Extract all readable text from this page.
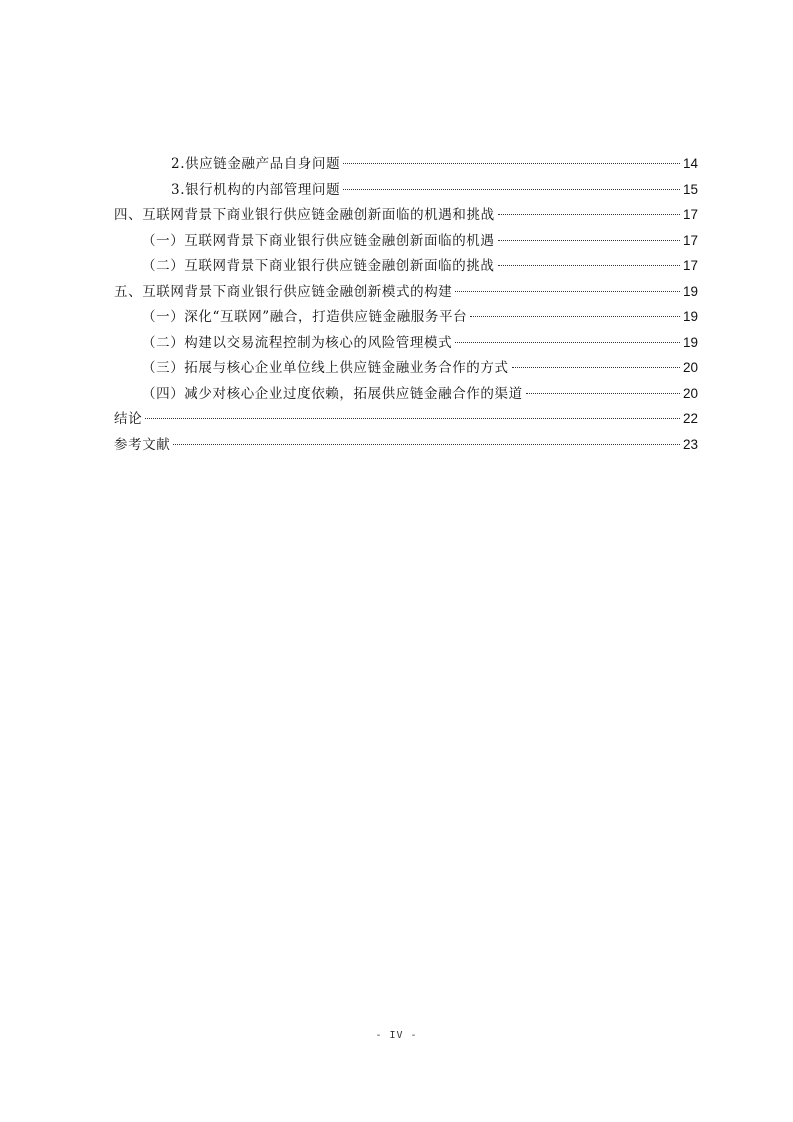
2.供应链金融产品自身问题	14
3.银行机构的内部管理问题	15
四、互联网背景下商业银行供应链金融创新面临的机遇和挑战	17
（一）互联网背景下商业银行供应链金融创新面临的机遇	17
（二）互联网背景下商业银行供应链金融创新面临的挑战	17
五、互联网背景下商业银行供应链金融创新模式的构建	19
（一）深化“互联网”融合，打造供应链金融服务平台	19
（二）构建以交易流程控制为核心的风险管理模式	19
（三）拓展与核心企业单位线上供应链金融业务合作的方式	20
（四）减少对核心企业过度依赖，拓展供应链金融合作的渠道	20
结论	22
参考文献	23
- IV -
